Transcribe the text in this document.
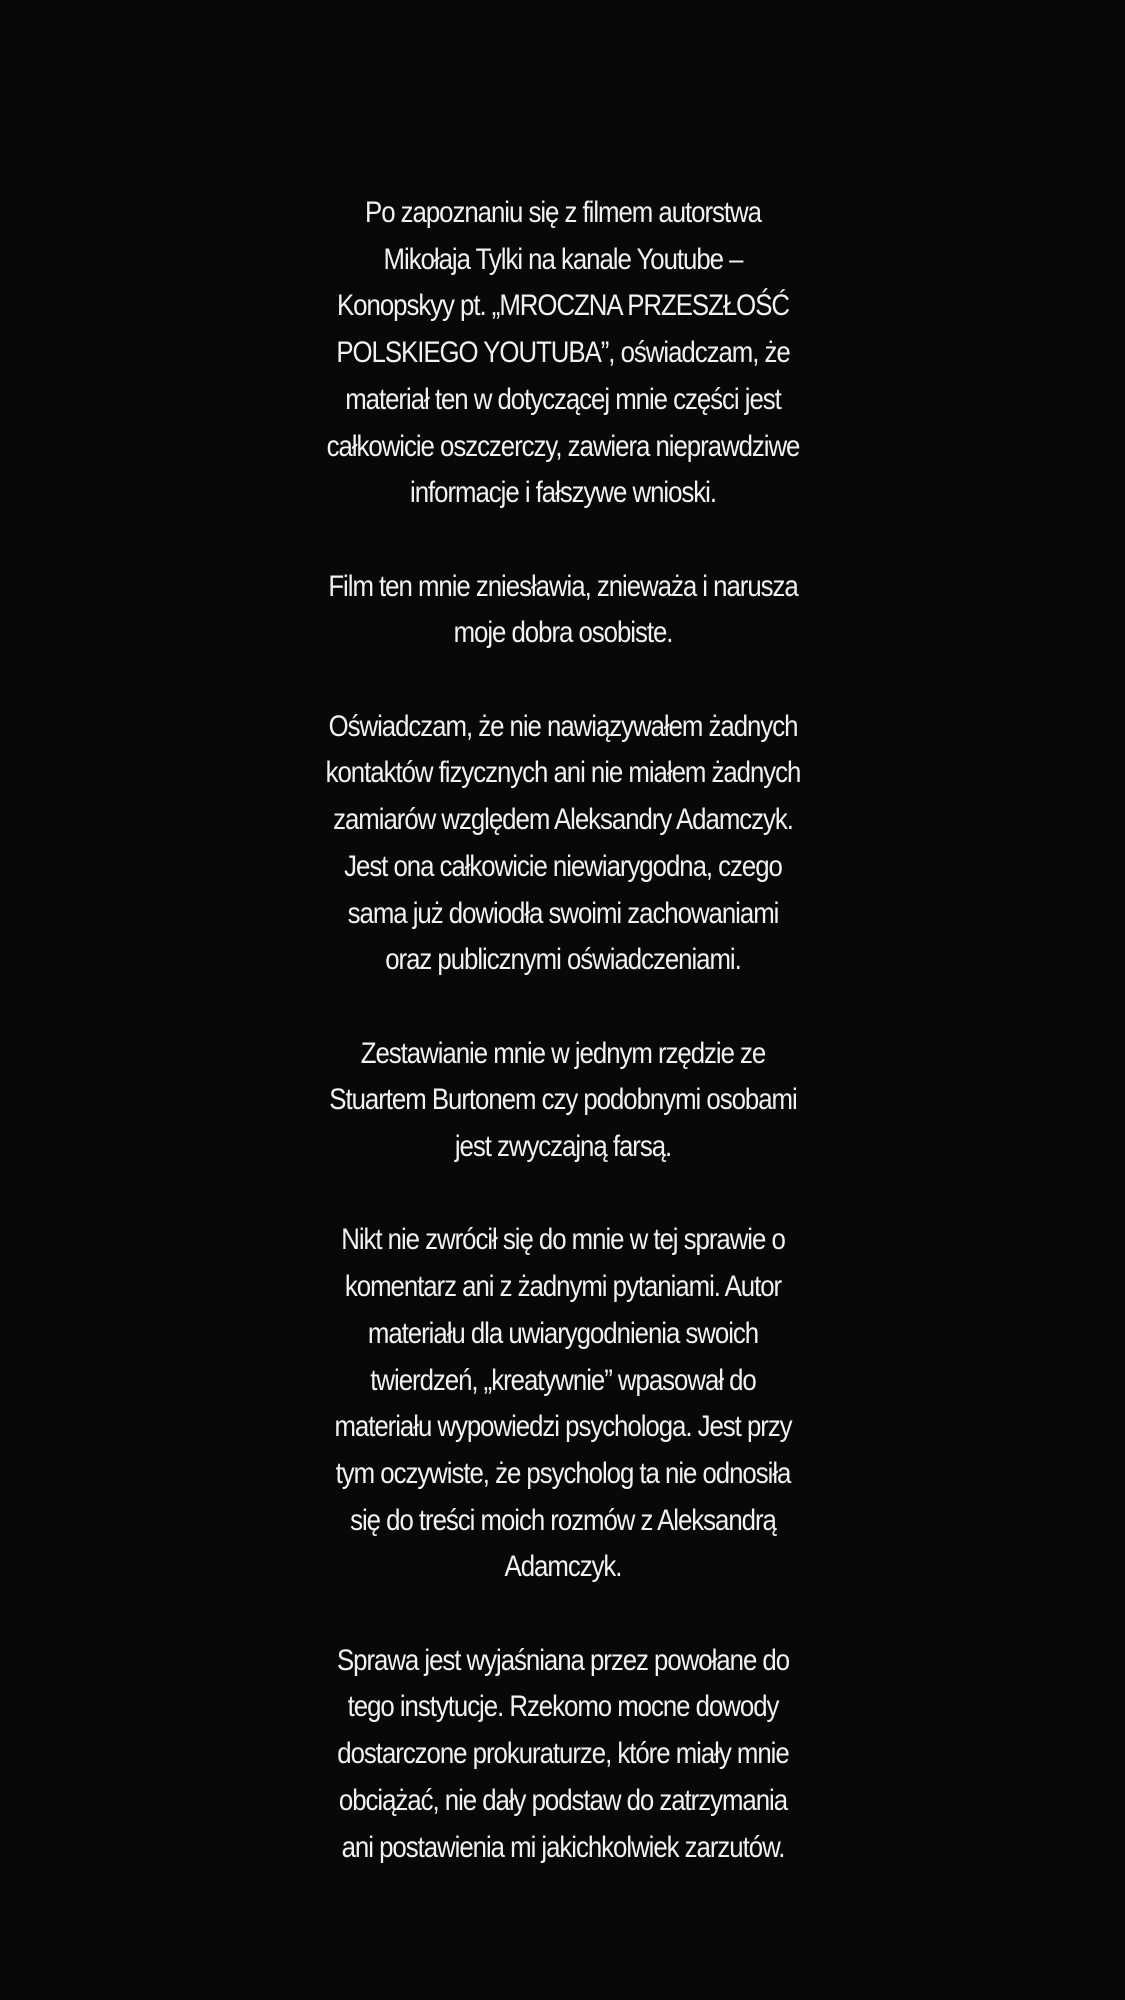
Po zapoznaniu się z filmem autorstwa Mikołaja Tylki na kanale Youtube – Konopskyy pt. „MROCZNA PRZESZŁOŚĆ POLSKIEGO YOUTUBA”, oświadczam, że materiał ten w dotyczącej mnie części jest całkowicie oszczerczy, zawiera nieprawdziwe informacje i fałszywe wnioski.

Film ten mnie zniesławia, znieważa i narusza moje dobra osobiste.

Oświadczam, że nie nawiązywałem żadnych kontaktów fizycznych ani nie miałem żadnych zamiarów względem Aleksandry Adamczyk. Jest ona całkowicie niewiarygodna, czego sama już dowiodła swoimi zachowaniami oraz publicznymi oświadczeniami.

Zestawianie mnie w jednym rzędzie ze Stuartem Burtonem czy podobnymi osobami jest zwyczajną farsą.

Nikt nie zwrócił się do mnie w tej sprawie o komentarz ani z żadnymi pytaniami. Autor materiału dla uwiarygodnienia swoich twierdzeń, „kreatywnie” wpasował do materiału wypowiedzi psychologa. Jest przy tym oczywiste, że psycholog ta nie odnosiła się do treści moich rozmów z Aleksandrą Adamczyk.

Sprawa jest wyjaśniana przez powołane do tego instytucje. Rzekomo mocne dowody dostarczone prokuraturze, które miały mnie obciążać, nie dały podstaw do zatrzymania ani postawienia mi jakichkolwiek zarzutów.
